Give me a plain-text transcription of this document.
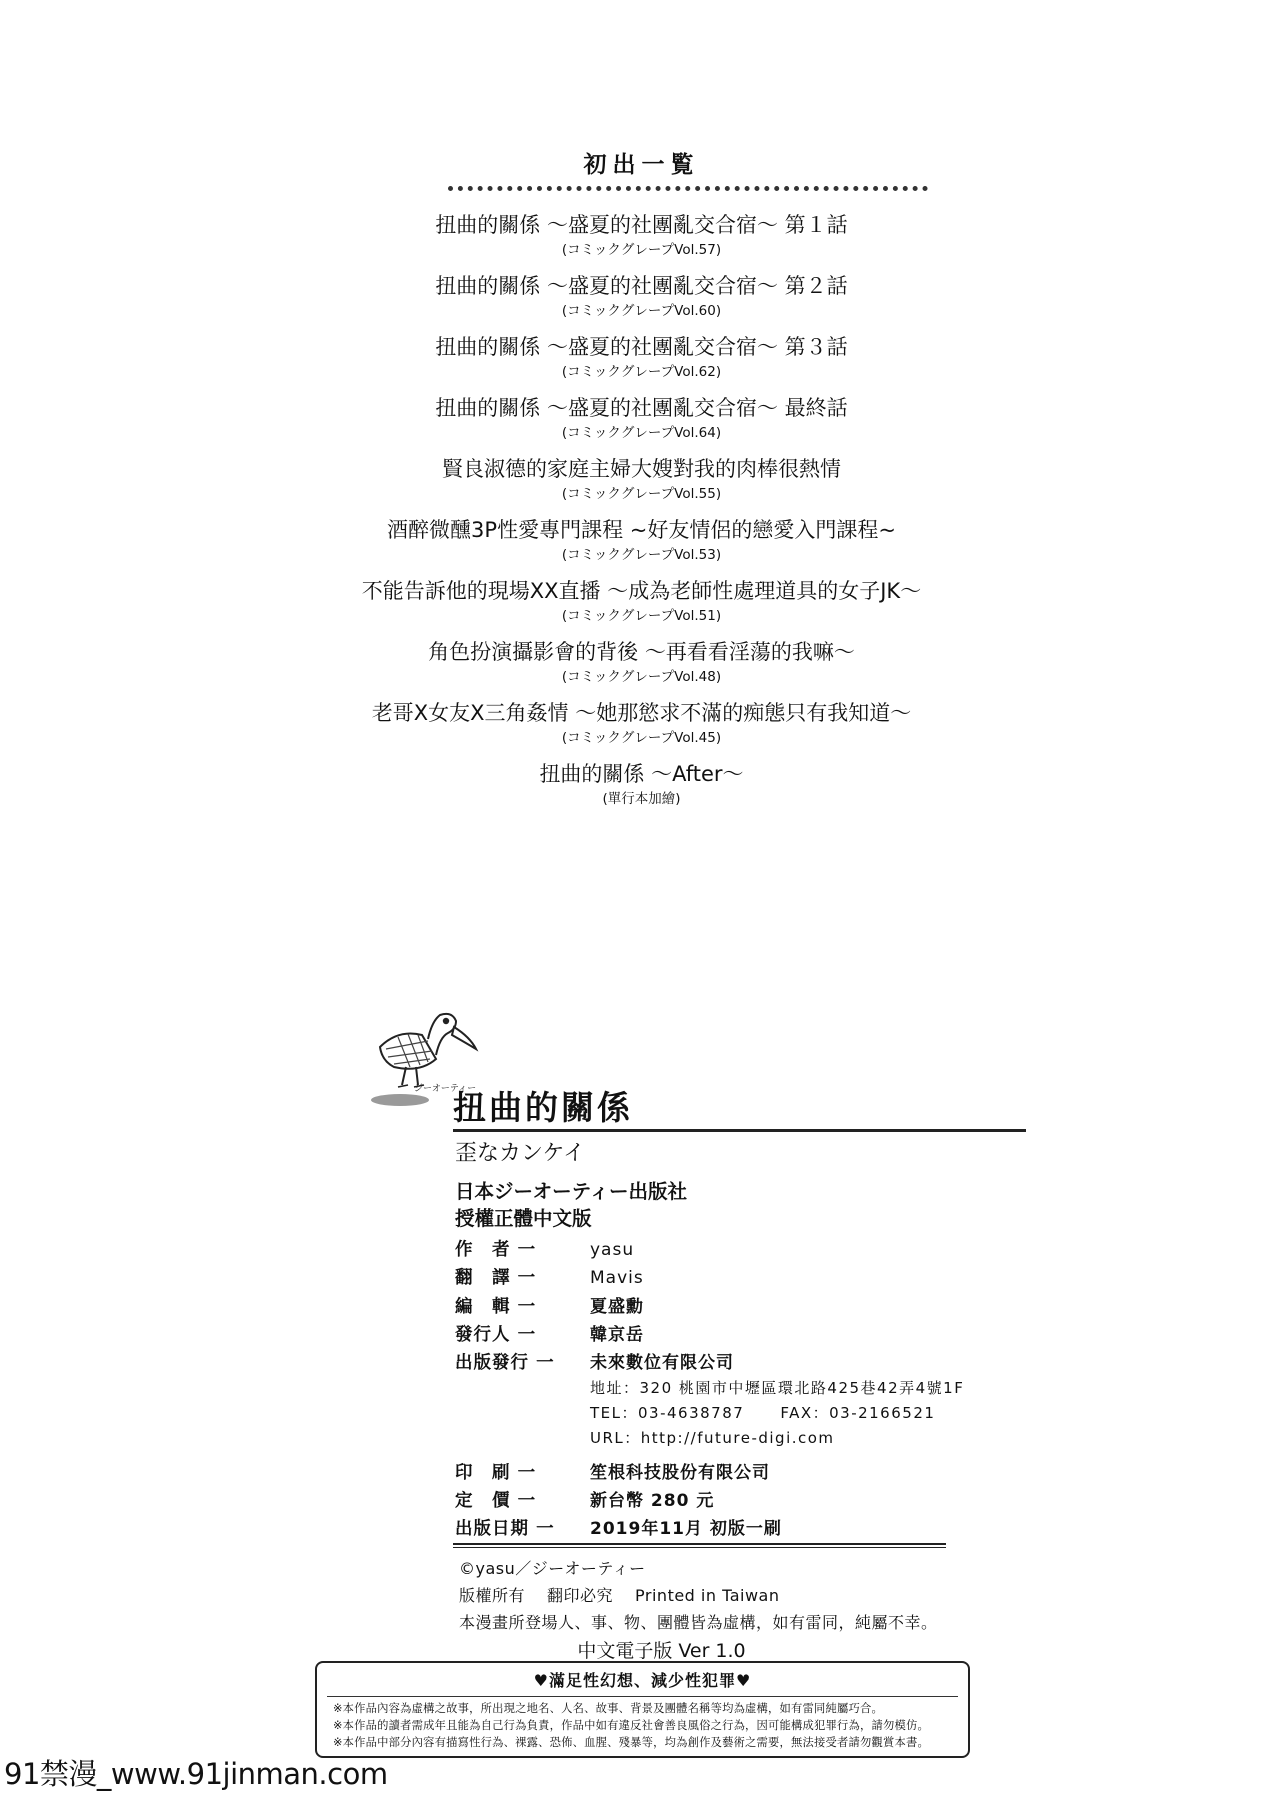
初出一覧
扭曲的關係 ～盛夏的社團亂交合宿～ 第１話
(コミックグレープVol.57)
扭曲的關係 ～盛夏的社團亂交合宿～ 第２話
(コミックグレープVol.60)
扭曲的關係 ～盛夏的社團亂交合宿～ 第３話
(コミックグレープVol.62)
扭曲的關係 ～盛夏的社團亂交合宿～ 最終話
(コミックグレープVol.64)
賢良淑德的家庭主婦大嫂對我的肉棒很熱情
(コミックグレープVol.55)
酒醉微醺3P性愛專門課程 ~好友情侶的戀愛入門課程~
(コミックグレープVol.53)
不能告訴他的現場XX直播 ～成為老師性處理道具的女子JK～
(コミックグレープVol.51)
角色扮演攝影會的背後 ～再看看淫蕩的我嘛～
(コミックグレープVol.48)
老哥X女友X三角姦情 ～她那慾求不滿的痴態只有我知道～
(コミックグレープVol.45)
扭曲的關係 ～After～
(單行本加繪)
ジーオーティー
扭曲的關係
歪なカンケイ
日本ジーオーティー出版社
授權正體中文版
作　者 一	yasu
翻　譯 一	Mavis
編　輯 一	夏盛勳
發行人 一	韓京岳
出版發行 一	未來數位有限公司
地址：320 桃園市中壢區環北路425巷42弄4號1F
TEL：03-4638787 FAX：03-2166521
URL：http://future-digi.com
印　刷 一	笙根科技股份有限公司
定　價 一	新台幣 280 元
出版日期 一	2019年11月 初版一刷
©yasu／ジーオーティー
版權所有 翻印必究 Printed in Taiwan
本漫畫所登場人、事、物、團體皆為虛構，如有雷同，純屬不幸。
中文電子版 Ver 1.0
♥滿足性幻想、減少性犯罪♥
※本作品內容為虛構之故事，所出現之地名、人名、故事、背景及團體名稱等均為虛構，如有雷同純屬巧合。
※本作品的讀者需成年且能為自己行為負責，作品中如有違反社會善良風俗之行為，因可能構成犯罪行為，請勿模仿。
※本作品中部分內容有描寫性行為、裸露、恐佈、血腥、殘暴等，均為創作及藝術之需要，無法接受者請勿觀賞本書。
91禁漫_www.91jinman.com
